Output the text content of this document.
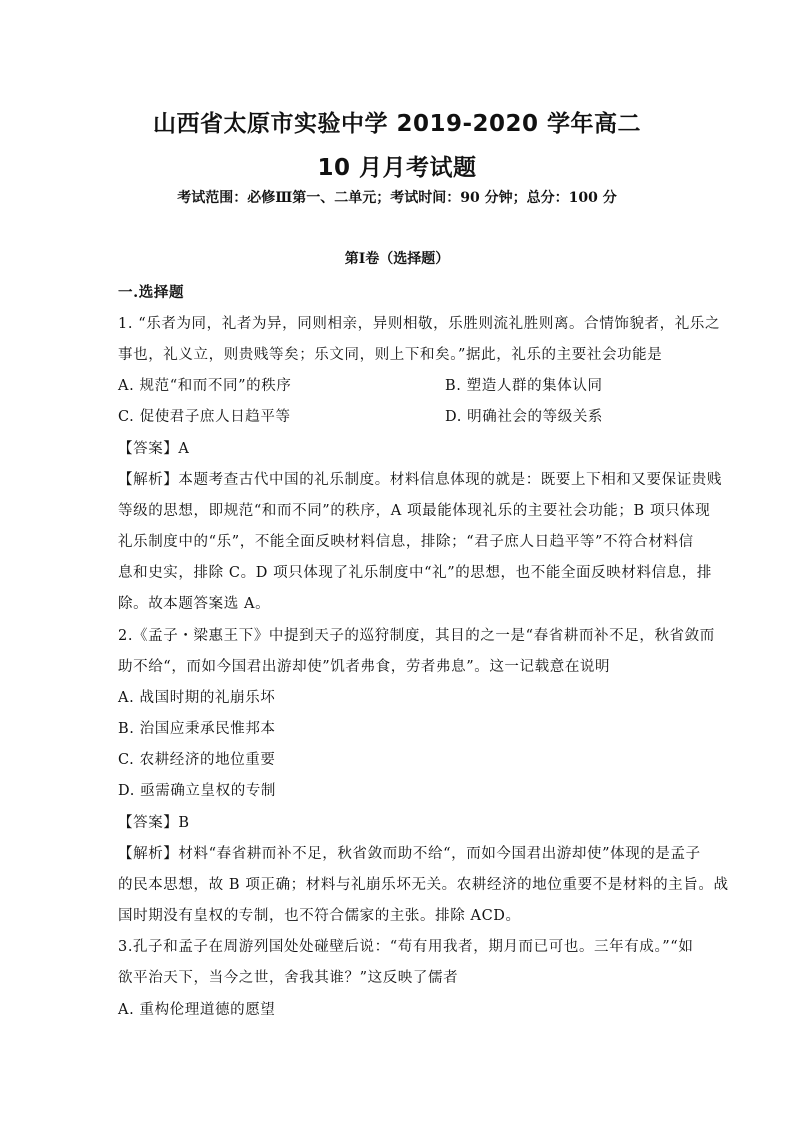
山西省太原市实验中学 2019-2020 学年高二
10 月月考试题
考试范围：必修Ⅲ第一、二单元；考试时间：90 分钟；总分：100 分
第Ⅰ卷（选择题）
一.选择题
1. “乐者为同，礼者为异，同则相亲，异则相敬，乐胜则流礼胜则离。合情饰貌者，礼乐之
事也，礼义立，则贵贱等矣；乐文同，则上下和矣。”据此，礼乐的主要社会功能是
A. 规范“和而不同”的秩序	B. 塑造人群的集体认同
C. 促使君子庶人日趋平等	D. 明确社会的等级关系
【答案】A
【解析】本题考查古代中国的礼乐制度。材料信息体现的就是：既要上下相和又要保证贵贱
等级的思想，即规范“和而不同”的秩序，A 项最能体现礼乐的主要社会功能；B 项只体现
礼乐制度中的“乐”，不能全面反映材料信息，排除；“君子庶人日趋平等”不符合材料信
息和史实，排除 C。D 项只体现了礼乐制度中“礼”的思想，也不能全面反映材料信息，排
除。故本题答案选 A。
2.《孟子・梁惠王下》中提到天子的巡狩制度，其目的之一是“春省耕而补不足，秋省敛而
助不给“，而如今国君出游却使”饥者弗食，劳者弗息”。这一记载意在说明
A. 战国时期的礼崩乐坏
B. 治国应秉承民惟邦本
C. 农耕经济的地位重要
D. 亟需确立皇权的专制
【答案】B
【解析】材料“春省耕而补不足，秋省敛而助不给“，而如今国君出游却使”体现的是孟子
的民本思想，故 B 项正确；材料与礼崩乐坏无关。农耕经济的地位重要不是材料的主旨。战
国时期没有皇权的专制，也不符合儒家的主张。排除 ACD。
3.孔子和孟子在周游列国处处碰壁后说：“苟有用我者，期月而已可也。三年有成。”“如
欲平治天下，当今之世，舍我其谁？”这反映了儒者
A. 重构伦理道德的愿望
